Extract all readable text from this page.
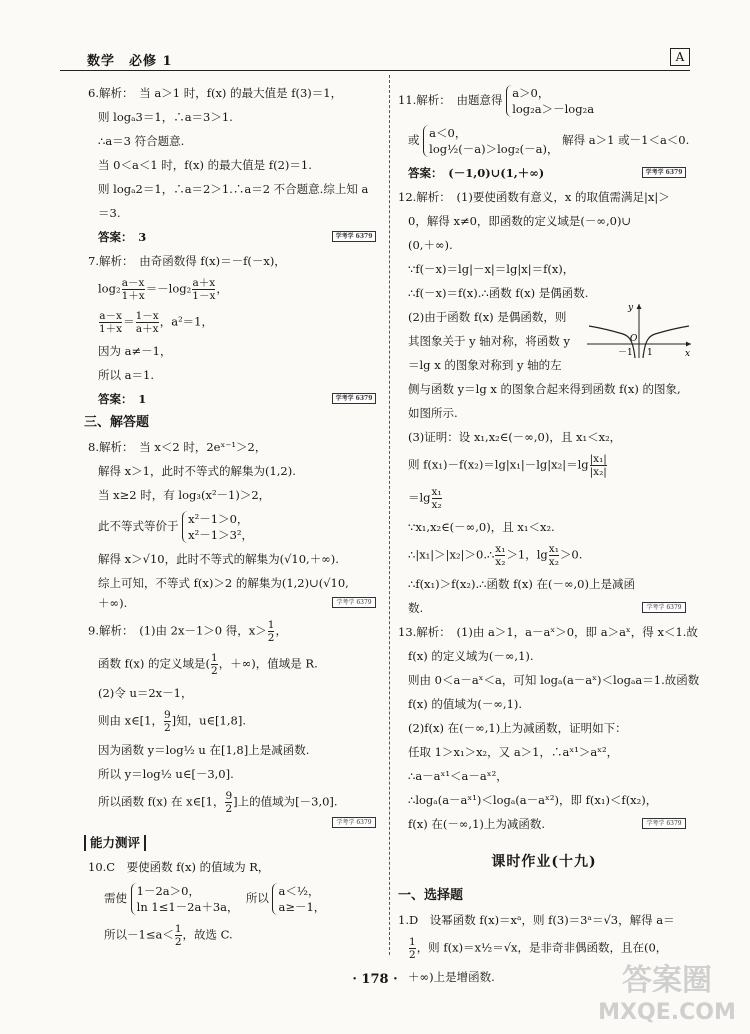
数学　必修 1	A
6.解析：　当 a＞1 时，f(x) 的最大值是 f(3)＝1，
则 logₐ3＝1，∴a＝3＞1.
∴a＝3 符合题意.
当 0＜a＜1 时，f(x) 的最大值是 f(2)＝1.
则 logₐ2＝1，∴a＝2＞1.∴a＝2 不合题意.综上知 a
＝3.
答案：　3	学考学 6379
7.解析：　由奇函数得 f(x)＝－f(－x)，
$\log_2 \frac{a-x}{1+x} =-\log_2 \frac{a+x}{1-x}$ ，
$\frac{a-x}{1+x} = \frac{1-x}{a+x}$ ，a²＝1，
因为 a≠－1，
所以 a＝1.
答案：　1	学考学 6379
三、解答题
8.解析：　当 x＜2 时，2eˣ⁻¹＞2，
解得 x＞1，此时不等式的解集为(1,2).
当 x≥2 时，有 log₃(x²－1)＞2，
此不等式等价于 x²－1＞0，
x²－1＞3²，
解得 x＞√10，此时不等式的解集为(√10,＋∞).
综上可知，不等式 f(x)＞2 的解集为(1,2)∪(√10,
＋∞).	学考学 6379
9.解析：　(1)由 2x－1＞0 得，$x> \frac{1}{2}$ ，
函数 f(x) 的定义域是( $\frac{1}{2}$ ，＋∞)，值域是 R.
(2)令 u＝2x－1，
则由 x∈[1， $\frac{9}{2}$ ]知，u∈[1,8].
因为函数 y＝log½ u 在[1,8]上是减函数.
所以 y＝log½ u∈[－3,0].
所以函数 f(x) 在 x∈[1， $\frac{9}{2}$ ]上的值域为[－3,0].
学考学 6379
能力测评
10.C　要使函数 f(x) 的值域为 R，
需使 1－2a＞0，
ln 1≤1－2a＋3a，
所以 a＜½，
a≥－1，
所以$-1\le a< \frac{1}{2}$ ，故选 C.
11.解析：　由题意得 a＞0，
log₂a＞－log₂a
或 a＜0，
log½(－a)＞log₂(－a)，
解得 a＞1 或－1＜a＜0.
答案：　(－1,0)∪(1,＋∞)	学考学 6379
12.解析：　(1)要使函数有意义，x 的取值需满足|x|＞
0，解得 x≠0，即函数的定义域是(－∞,0)∪
(0,＋∞).
∵f(－x)＝lg|－x|＝lg|x|＝f(x)，
∴f(－x)＝f(x).∴函数 f(x) 是偶函数.
(2)由于函数 f(x) 是偶函数，则
其图象关于 y 轴对称，将函数 y
＝lg x 的图象对称到 y 轴的左
侧与函数 y＝lg x 的图象合起来得到函数 f(x) 的图象,
如图所示.
(3)证明：设 x₁,x₂∈(－∞,0)，且 x₁＜x₂，
则 $f(x_1)-f(x_2)=\lg|x_1|-\lg|x_2|=\lg \frac{\text{|x₁|}}{\text{|x₂|}}$
$=\lg \frac{\text{x₁}}{\text{x₂}}$
∵x₁,x₂∈(－∞,0)，且 x₁＜x₂.
∴|x₁|＞|x₂|＞0.∴ $\frac{\text{x₁}}{\text{x₂}} >1$，$\lg \frac{\text{x₁}}{\text{x₂}} >0$.
∴f(x₁)＞f(x₂).∴函数 f(x) 在(－∞,0)上是减函
数.	学考学 6379
13.解析：　(1)由 a＞1，a－aˣ＞0，即 a＞aˣ，得 x＜1.故
f(x) 的定义域为(－∞,1).
则由 0＜a－aˣ＜a，可知 logₐ(a－aˣ)＜logₐa＝1.故函数
f(x) 的值域为(－∞,1).
(2)f(x) 在(－∞,1)上为减函数，证明如下：
任取 1＞x₁＞x₂，又 a＞1，∴aˣ¹＞aˣ²，
∴a－aˣ¹＜a－aˣ²，
∴logₐ(a－aˣ¹)＜logₐ(a－aˣ²)，即 f(x₁)＜f(x₂)，
f(x) 在(－∞,1)上为减函数.	学考学 6379
课时作业(十九)
一、选择题
1.D　设幂函数 f(x)＝xᵃ，则 f(3)＝3ᵃ＝√3，解得 a＝
$\frac{1}{2}$ ，则 f(x)＝x½＝√x，是非奇非偶函数，且在(0，
＋∞)上是增函数.
y
x
O
－1 1
· 178 ·	答案圈
MXQE.COM
